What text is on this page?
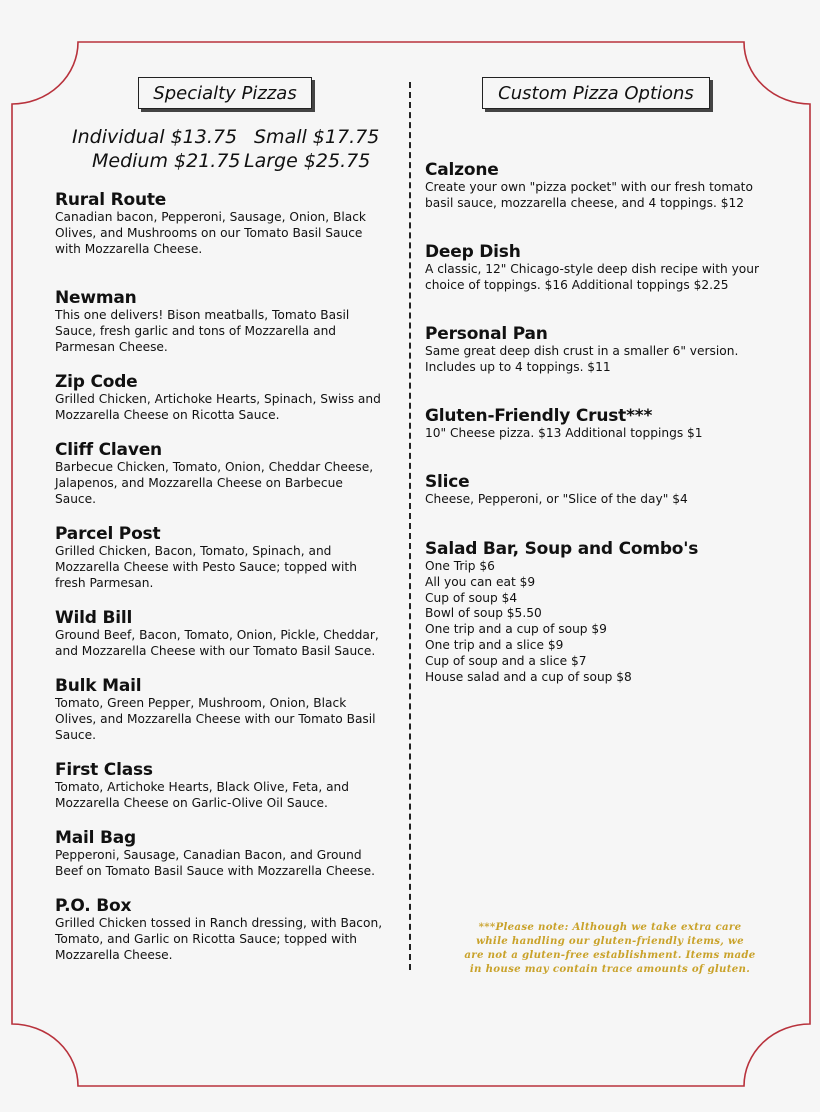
Specialty Pizzas
Individual $13.75 Small $17.75
Medium $21.75 Large $25.75
Rural Route

Canadian bacon, Pepperoni, Sausage, Onion, Black
Olives, and Mushrooms on our Tomato Basil Sauce
with Mozzarella Cheese.

Newman

This one delivers! Bison meatballs, Tomato Basil
Sauce, fresh garlic and tons of Mozzarella and
Parmesan Cheese.

Zip Code

Grilled Chicken, Artichoke Hearts, Spinach, Swiss and
Mozzarella Cheese on Ricotta Sauce.

Cliff Claven

Barbecue Chicken, Tomato, Onion, Cheddar Cheese,
Jalapenos, and Mozzarella Cheese on Barbecue
Sauce.

Parcel Post

Grilled Chicken, Bacon, Tomato, Spinach, and
Mozzarella Cheese with Pesto Sauce; topped with
fresh Parmesan.

Wild Bill

Ground Beef, Bacon, Tomato, Onion, Pickle, Cheddar,
and Mozzarella Cheese with our Tomato Basil Sauce.

Bulk Mail

Tomato, Green Pepper, Mushroom, Onion, Black
Olives, and Mozzarella Cheese with our Tomato Basil
Sauce.

First Class

Tomato, Artichoke Hearts, Black Olive, Feta, and
Mozzarella Cheese on Garlic-Olive Oil Sauce.

Mail Bag

Pepperoni, Sausage, Canadian Bacon, and Ground
Beef on Tomato Basil Sauce with Mozzarella Cheese.

P.O. Box

Grilled Chicken tossed in Ranch dressing, with Bacon,
Tomato, and Garlic on Ricotta Sauce; topped with
Mozzarella Cheese.

Custom Pizza Options
Calzone

Create your own "pizza pocket" with our fresh tomato
basil sauce, mozzarella cheese, and 4 toppings. $12

Deep Dish

A classic, 12" Chicago-style deep dish recipe with your
choice of toppings. $16 Additional toppings $2.25

Personal Pan

Same great deep dish crust in a smaller 6" version.
Includes up to 4 toppings. $11

Gluten-Friendly Crust***

10" Cheese pizza. $13 Additional toppings $1

Slice

Cheese, Pepperoni, or "Slice of the day" $4

Salad Bar, Soup and Combo's
One Trip $6
All you can eat $9
Cup of soup $4
Bowl of soup $5.50
One trip and a cup of soup $9
One trip and a slice $9
Cup of soup and a slice $7
House salad and a cup of soup $8
***Please note: Although we take extra care
while handling our gluten-friendly items, we
are not a gluten-free establishment. Items made
in house may contain trace amounts of gluten.
